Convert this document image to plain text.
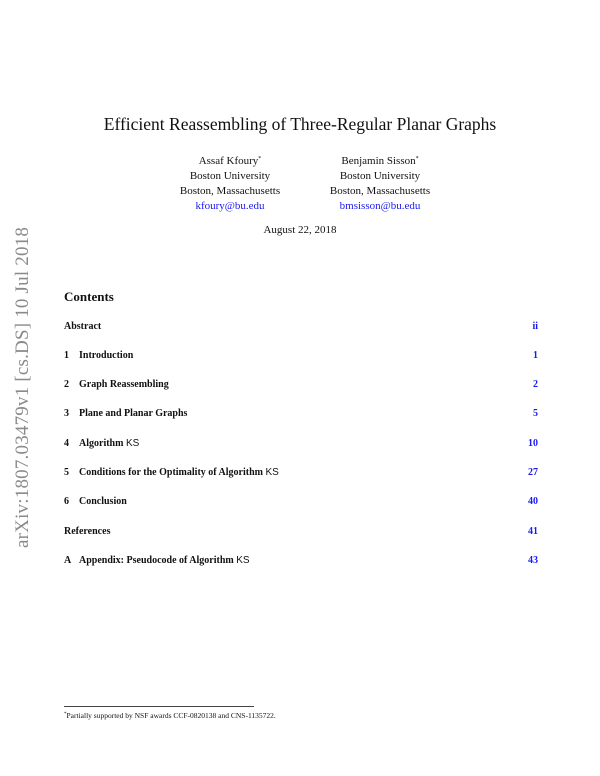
arXiv:1807.03479v1 [cs.DS] 10 Jul 2018
Efficient Reassembling of Three-Regular Planar Graphs
Assaf Kfoury*
Boston University
Boston, Massachusetts
kfoury@bu.edu
Benjamin Sisson*
Boston University
Boston, Massachusetts
bmsisson@bu.edu
August 22, 2018
Contents
Abstract	ii
1 Introduction	1
2 Graph Reassembling	2
3 Plane and Planar Graphs	5
4 Algorithm KS	10
5 Conditions for the Optimality of Algorithm KS	27
6 Conclusion	40
References	41
A Appendix: Pseudocode of Algorithm KS	43
*Partially supported by NSF awards CCF-0820138 and CNS-1135722.
